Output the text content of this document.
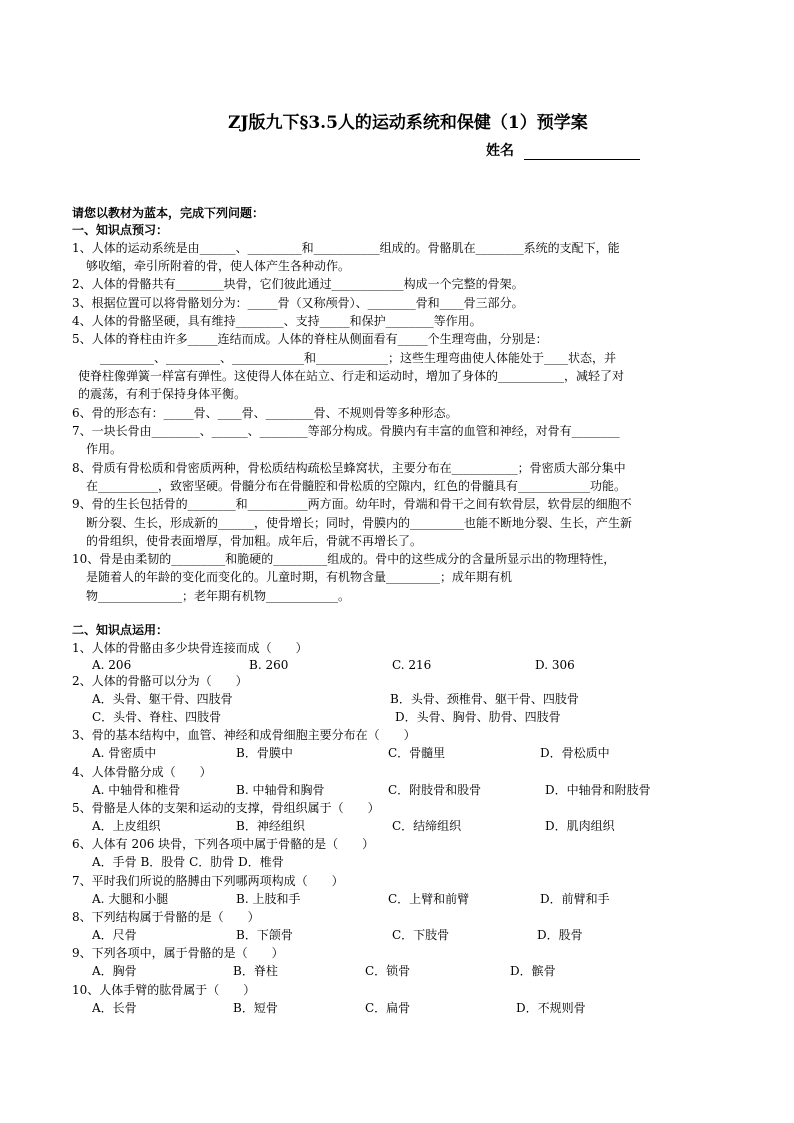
ZJ版九下§3.5人的运动系统和保健（1）预学案
姓名
请您以教材为蓝本，完成下列问题：
一、知识点预习：
1、人体的运动系统是由______、_________和___________组成的。骨骼肌在________系统的支配下，能
够收缩，牵引所附着的骨，使人体产生各种动作。
2、人体的骨骼共有________块骨，它们彼此通过____________构成一个完整的骨架。
3、根据位置可以将骨骼划分为：_____骨（又称颅骨）、________骨和____骨三部分。
4、人体的骨骼坚硬，具有维持________、支持_____和保护________等作用。
5、人体的脊柱由许多_____连结而成。人体的脊柱从侧面看有_____个生理弯曲，分别是：
_________、_________、____________和____________；这些生理弯曲使人体能处于____状态，并
使脊柱像弹簧一样富有弹性。这使得人体在站立、行走和运动时，增加了身体的___________，减轻了对
的震荡，有利于保持身体平衡。
6、骨的形态有：_____骨、____骨、________骨、不规则骨等多种形态。
7、一块长骨由________、______、________等部分构成。骨膜内有丰富的血管和神经，对骨有________
作用。
8、骨质有骨松质和骨密质两种，骨松质结构疏松呈蜂窝状，主要分布在___________；骨密质大部分集中
在__________，致密坚硬。骨髓分布在骨髓腔和骨松质的空隙内，红色的骨髓具有____________功能。
9、骨的生长包括骨的________和__________两方面。幼年时，骨端和骨干之间有软骨层，软骨层的细胞不
断分裂、生长，形成新的______，使骨增长；同时，骨膜内的_________也能不断地分裂、生长，产生新
的骨组织，使骨表面增厚，骨加粗。成年后，骨就不再增长了。
10、骨是由柔韧的_________和脆硬的_________组成的。骨中的这些成分的含量所显示出的物理特性，
是随着人的年龄的变化而变化的。儿童时期，有机物含量_________；成年期有机
物______________；老年期有机物____________。
二、知识点运用：
1、人体的骨骼由多少块骨连接而成（　　）
A. 206	B. 260	C. 216	D. 306
2、人体的骨骼可以分为（　　）
A．头骨、躯干骨、四肢骨	B．头骨、颈椎骨、躯干骨、四肢骨
C．头骨、脊柱、四肢骨	D．头骨、胸骨、肋骨、四肢骨
3、骨的基本结构中，血管、神经和成骨细胞主要分布在（　　）
A. 骨密质中	B．骨膜中	C．骨髓里	D．骨松质中
4、人体骨骼分成（　　）
A. 中轴骨和椎骨	B. 中轴骨和胸骨	C．附肢骨和股骨	D．中轴骨和附肢骨
5、骨骼是人体的支架和运动的支撑，骨组织属于（　　）
A．上皮组织	B．神经组织	C．结缔组织	D．肌肉组织
6、人体有 206 块骨，下列各项中属于骨骼的是（　　）
A．手骨 B．股骨 C．肋骨 D．椎骨
7、平时我们所说的胳膊由下列哪两项构成（　　）
A. 大腿和小腿	B. 上肢和手	C．上臂和前臂	D．前臂和手
8、下列结构属于骨骼的是（　　）
A．尺骨	B．下颌骨	C．下肢骨	D．股骨
9、下列各项中，属于骨骼的是（　　）
A．胸骨	B．脊柱	C．锁骨	D．髌骨
10、人体手臂的肱骨属于（　　）
A．长骨	B．短骨	C．扁骨	D．不规则骨
